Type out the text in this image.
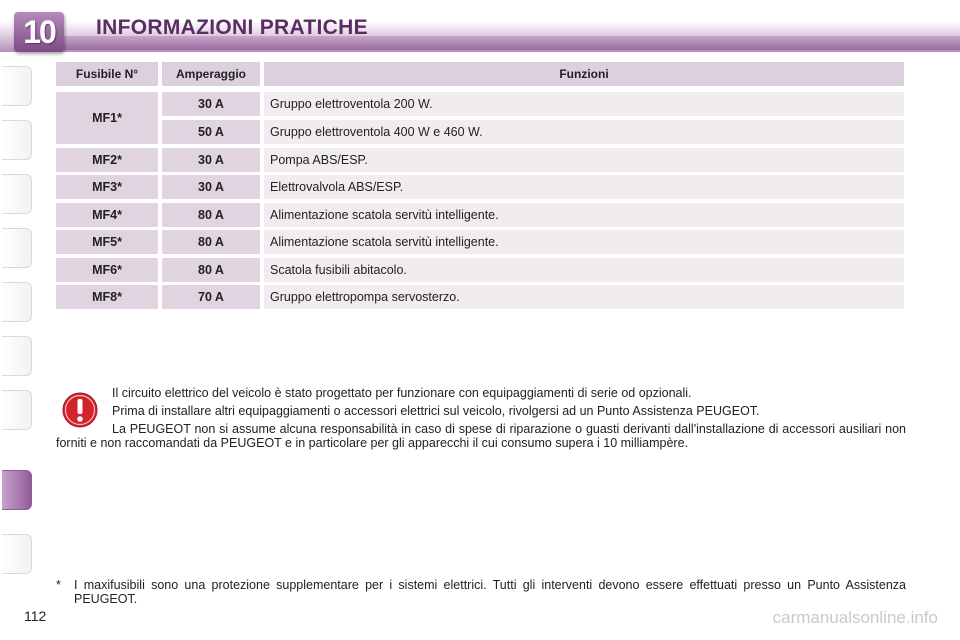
10	INFORMAZIONI PRATICHE
Fusibile N°	Amperaggio	Funzioni
MF1*
30 A	Gruppo elettroventola 200 W.
50 A	Gruppo elettroventola 400 W e 460 W.
MF2*	30 A	Pompa ABS/ESP.
MF3*	30 A	Elettrovalvola ABS/ESP.
MF4*	80 A	Alimentazione scatola servitù intelligente.
MF5*	80 A	Alimentazione scatola servitù intelligente.
MF6*	80 A	Scatola fusibili abitacolo.
MF8*	70 A	Gruppo elettropompa servosterzo.

Il circuito elettrico del veicolo è stato progettato per funzionare con equipaggiamenti di serie od opzionali.

Prima di installare altri equipaggiamenti o accessori elettrici sul veicolo, rivolgersi ad un Punto Assistenza PEUGEOT.

La PEUGEOT non si assume alcuna responsabilità in caso di spese di riparazione o guasti derivanti dall'installazione di accessori ausiliari non forniti e non raccomandati da PEUGEOT e in particolare per gli apparecchi il cui consumo supera i 10 milliampère.

*	I maxifusibili sono una protezione supplementare per i sistemi elettrici. Tutti gli interventi devono essere effettuati presso un Punto Assistenza PEUGEOT.
112	carmanualsonline.info
